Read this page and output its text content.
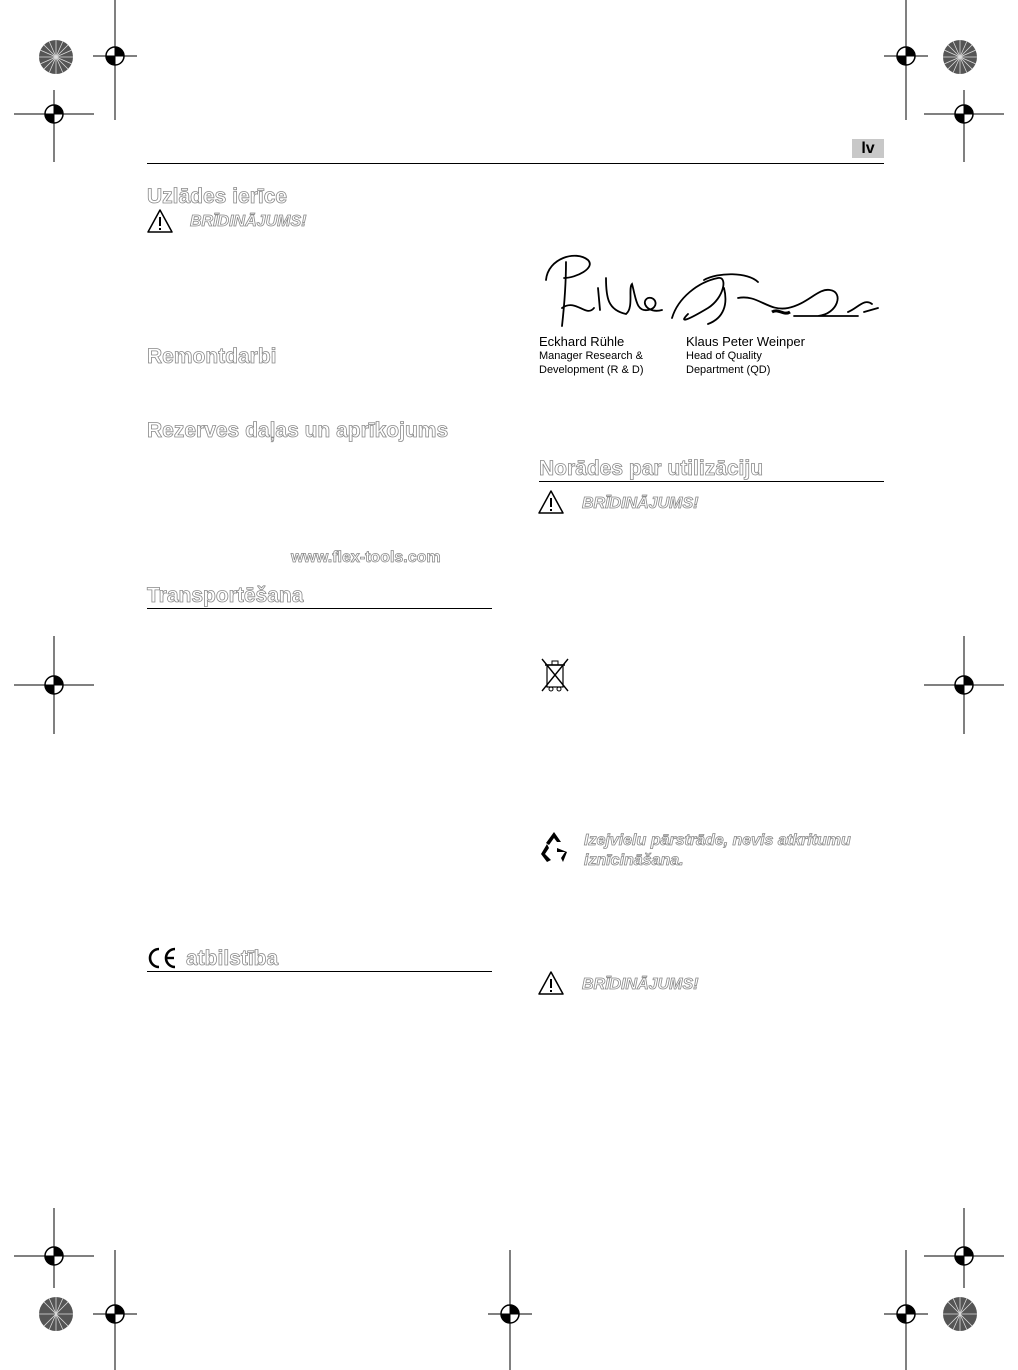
lv
Uzlādes ierīce
BRĪDINĀJUMS!
Remontdarbi
Rezerves daļas un aprīkojums
www.flex-tools.com
Transportēšana
atbilstība
Eckhard Rühle
Manager Research &
Development (R & D)
Klaus Peter Weinper
Head of Quality
Department (QD)
Norādes par utilizāciju
BRĪDINĀJUMS!
Izejvielu pārstrāde, nevis atkritumu
iznīcināšana.
BRĪDINĀJUMS!
